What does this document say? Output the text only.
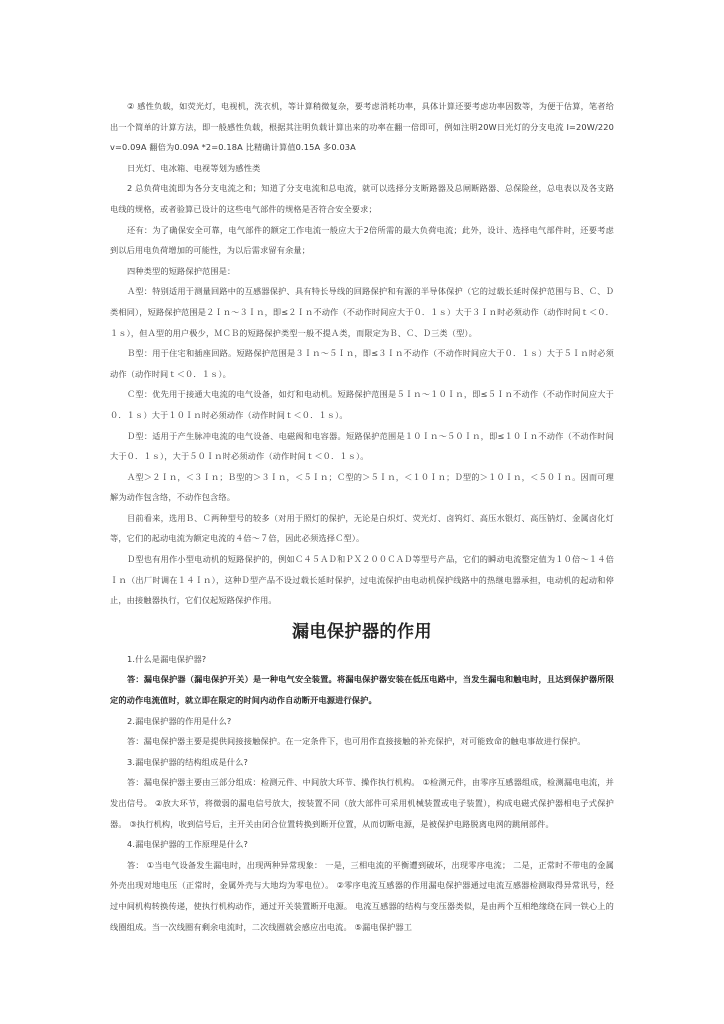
② 感性负载，如荧光灯，电视机，洗衣机，等计算稍微复杂，要考虑消耗功率，具体计算还要考虑功率因数等，为便于估算，笔者给出一个简单的计算方法，即一般感性负载，根据其注明负载计算出来的功率在翻一倍即可，例如注明20W日光灯的分支电流 I=20W/220v=0.09A 翻倍为0.09A *2=0.18A 比精确计算值0.15A 多0.03A

日光灯、电冰箱、电视等划为感性类

2 总负荷电流即为各分支电流之和；知道了分支电流和总电流，就可以选择分支断路器及总闸断路器、总保险丝，总电表以及各支路电线的规格，或者验算已设计的这些电气部件的规格是否符合安全要求；

还有：为了确保安全可靠，电气部件的额定工作电流一般应大于2倍所需的最大负荷电流；此外，设计、选择电气部件时，还要考虑到以后用电负荷增加的可能性，为以后需求留有余量；

四种类型的短路保护范围是：

Ａ型：特别适用于测量回路中的互感器保护、具有特长导线的回路保护和有源的半导体保护（它的过载长延时保护范围与Ｂ、Ｃ、Ｄ类相同），短路保护范围是２Ｉｎ～３Ｉｎ，即≤２Ｉｎ不动作（不动作时间应大于０．１ｓ）大于３Ｉｎ时必须动作（动作时间ｔ＜０．１ｓ），但Ａ型的用户极少，ＭＣＢ的短路保护类型一般不提Ａ类，而限定为Ｂ、Ｃ、Ｄ三类（型）。

Ｂ型：用于住宅和插座回路。短路保护范围是３Ｉｎ～５Ｉｎ，即≤３Ｉｎ不动作（不动作时间应大于０．１ｓ）大于５Ｉｎ时必须动作（动作时间ｔ＜０．１ｓ）。

Ｃ型：优先用于接通大电流的电气设备，如灯和电动机。短路保护范围是５Ｉｎ～１０Ｉｎ，即≤５Ｉｎ不动作（不动作时间应大于０．１ｓ）大于１０Ｉｎ时必须动作（动作时间ｔ＜０．１ｓ）。

Ｄ型：适用于产生脉冲电流的电气设备、电磁阀和电容器。短路保护范围是１０Ｉｎ～５０Ｉｎ，即≤１０Ｉｎ不动作（不动作时间大于０．１ｓ），大于５０Ｉｎ时必须动作（动作时间ｔ＜０．１ｓ）。

Ａ型＞２Ｉｎ，＜３Ｉｎ；Ｂ型的＞３Ｉｎ，＜５Ｉｎ；Ｃ型的＞５Ｉｎ，＜１０Ｉｎ；Ｄ型的＞１０Ｉｎ，＜５０Ｉｎ。因而可理解为动作包含络，不动作包含络。

目前看来，选用Ｂ、Ｃ两种型号的较多（对用于照灯的保护，无论是白炽灯、荧光灯、卤钨灯、高压水银灯、高压钠灯、金属卤化灯等，它们的起动电流为额定电流的４倍～７倍，因此必须选择Ｃ型）。

Ｄ型也有用作小型电动机的短路保护的，例如Ｃ４５ＡＤ和ＰＸ２００ＣＡＤ等型号产品，它们的瞬动电流整定值为１０倍～１４倍Ｉｎ（出厂时调在１４Ｉｎ），这种Ｄ型产品不设过载长延时保护，过电流保护由电动机保护线路中的热继电器承担，电动机的起动和停止，由接触器执行，它们仅起短路保护作用。

漏电保护器的作用

1.什么是漏电保护器?

答：漏电保护器（漏电保护开关）是一种电气安全装置。将漏电保护器安装在低压电路中，当发生漏电和触电时，且达到保护器所限定的动作电流值时，就立即在限定的时间内动作自动断开电源进行保护。

2.漏电保护器的作用是什么?

答：漏电保护器主要是提供间接接触保护。在一定条件下，也可用作直接接触的补充保护，对可能致命的触电事故进行保护。

3.漏电保护器的结构组成是什么?

答：漏电保护器主要由三部分组成：检测元件、中间放大环节、操作执行机构。 ①检测元件，由零序互感器组成，检测漏电电流，并发出信号。 ②放大环节，将微弱的漏电信号放大，按装置不同（放大部件可采用机械装置或电子装置），构成电磁式保护器相电子式保护器。 ③执行机构，收到信号后，主开关由闭合位置转换到断开位置，从而切断电源，是被保护电路脱离电网的跳闸部件。

4.漏电保护器的工作原理是什么?

答： ①当电气设备发生漏电时，出现两种异常现象： 一是，三相电流的平衡遭到破坏，出现零序电流； 二是，正常时不带电的金属外壳出现对地电压（正常时，金属外壳与大地均为零电位）。 ②零序电流互感器的作用漏电保护器通过电流互感器检测取得异常讯号，经过中间机构转换传递，使执行机构动作，通过开关装置断开电源。 电流互感器的结构与变压器类似，是由两个互相绝缘绕在同一铁心上的线圈组成。当一次线圈有剩余电流时，二次线圈就会感应出电流。 ⑤漏电保护器工
